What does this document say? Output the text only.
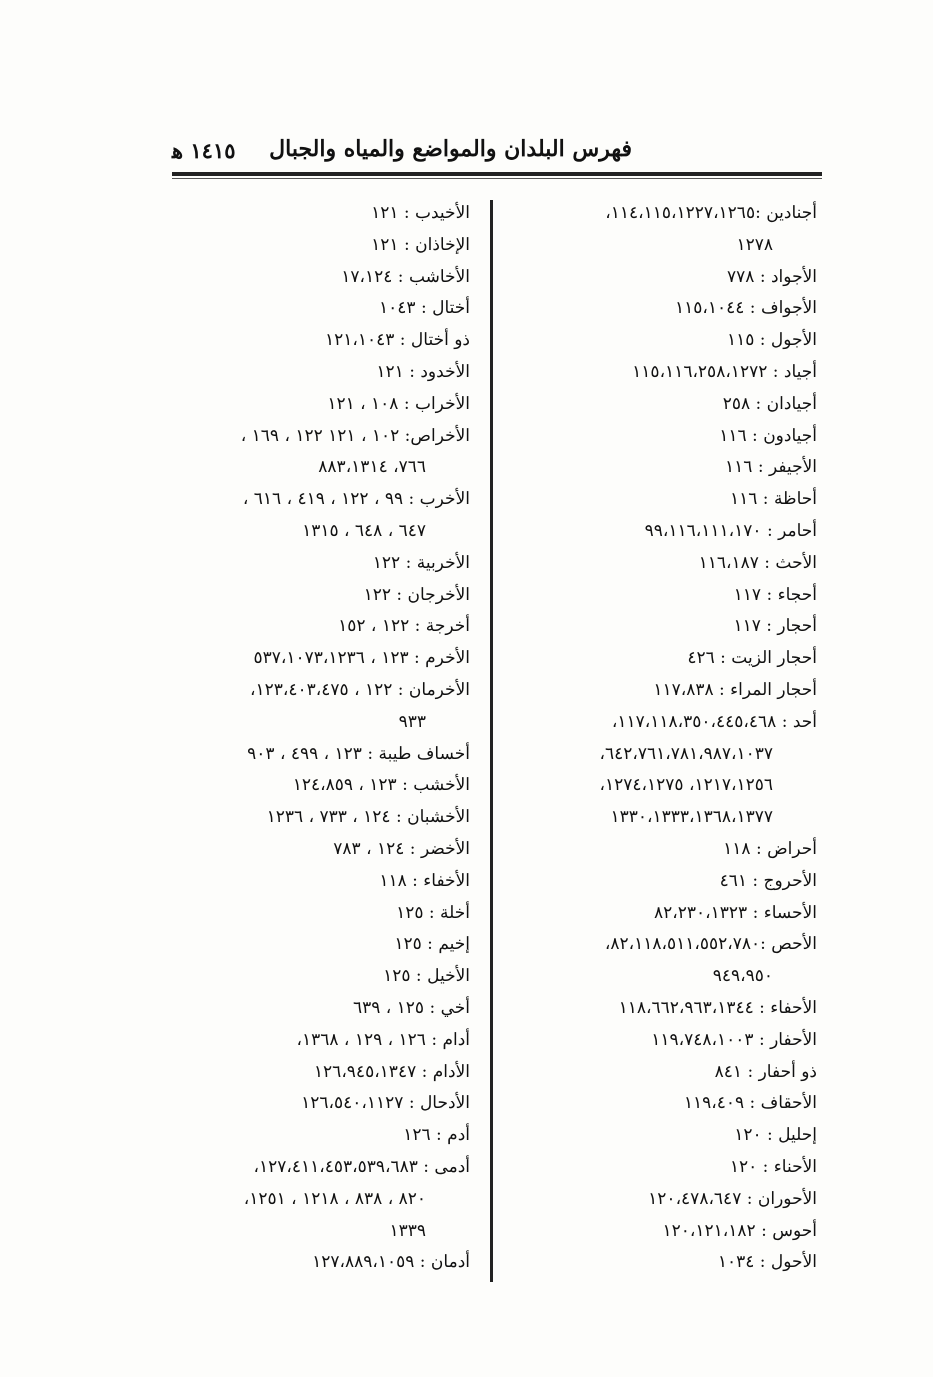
فهرس البلدان والمواضع والمياه والجبال
١٤١٥ ﻫ
أجنادين :١١٤،١١٥،١٢٢٧،١٢٦٥،
١٢٧٨
الأجواد : ٧٧٨
الأجواف : ١١٥،١٠٤٤
الأجول : ١١٥
أجياد : ١١٥،١١٦،٢٥٨،١٢٧٢
أجيادان : ٢٥٨
أجيادون : ١١٦
الأجيفر : ١١٦
أحاظة : ١١٦
أحامر : ٩٩،١١٦،١١١،١٧٠
الأحث : ١١٦،١٨٧
أحجاء : ١١٧
أحجار : ١١٧
أحجار الزيت : ٤٢٦
أحجار المراء : ١١٧،٨٣٨
أحد : ١١٧،١١٨،٣٥٠،٤٤٥،٤٦٨،
٦٤٢،٧٦١،٧٨١،٩٨٧،١٠٣٧،
١٢١٧،١٢٥٦، ١٢٧٤،١٢٧٥،
١٣٣٠،١٣٣٣،١٣٦٨،١٣٧٧
أحراض : ١١٨
الأحروج : ٤٦١
الأحساء : ٨٢،٢٣٠،١٣٢٣
الأحص :٨٢،١١٨،٥١١،٥٥٢،٧٨٠،
٩٤٩،٩٥٠
الأحفاء : ١١٨،٦٦٢،٩٦٣،١٣٤٤
الأحفار : ١١٩،٧٤٨،١٠٠٣
ذو أحفار : ٨٤١
الأحقاف : ١١٩،٤٠٩
إحليل : ١٢٠
الأحناء : ١٢٠
الأحوران : ١٢٠،٤٧٨،٦٤٧
أحوس : ١٢٠،١٢١،١٨٢
الأحول : ١٠٣٤
الأخيدب : ١٢١
الإخاذان : ١٢١
الأخاشب : ١٧،١٢٤
أختال : ١٠٤٣
ذو أختال : ١٢١،١٠٤٣
الأخدود : ١٢١
الأخراب : ١٠٨ ، ١٢١
الأخراص: ١٠٢ ، ١٢١ ١٢٢ ، ١٦٩ ،
٧٦٦، ٨٨٣،١٣١٤
الأخرب : ٩٩ ، ١٢٢ ، ٤١٩ ، ٦١٦ ،
٦٤٧ ، ٦٤٨ ، ١٣١٥
الأخربية : ١٢٢
الأخرجان : ١٢٢
أخرجة : ١٢٢ ، ١٥٢
الأخرم : ١٢٣ ، ٥٣٧،١٠٧٣،١٢٣٦
الأخرمان : ١٢٢ ، ١٢٣،٤٠٣،٤٧٥،
٩٣٣
أخساف طيبة : ١٢٣ ، ٤٩٩ ، ٩٠٣
الأخشب : ١٢٣ ، ١٢٤،٨٥٩
الأخشبان : ١٢٤ ، ٧٣٣ ، ١٢٣٦
الأخضر : ١٢٤ ، ٧٨٣
الأخفاء : ١١٨
أخلة : ١٢٥
إخيم : ١٢٥
الأخيل : ١٢٥
أخي : ١٢٥ ، ٦٣٩
أدام : ١٢٦ ، ١٢٩ ، ١٣٦٨،
الأدام : ١٢٦،٩٤٥،١٣٤٧
الأدحال : ١٢٦،٥٤٠،١١٢٧
أدم : ١٢٦
أدمى : ١٢٧،٤١١،٤٥٣،٥٣٩،٦٨٣،
٨٢٠ ، ٨٣٨ ، ١٢١٨ ، ١٢٥١،
١٣٣٩
أدمان : ١٢٧،٨٨٩،١٠٥٩
